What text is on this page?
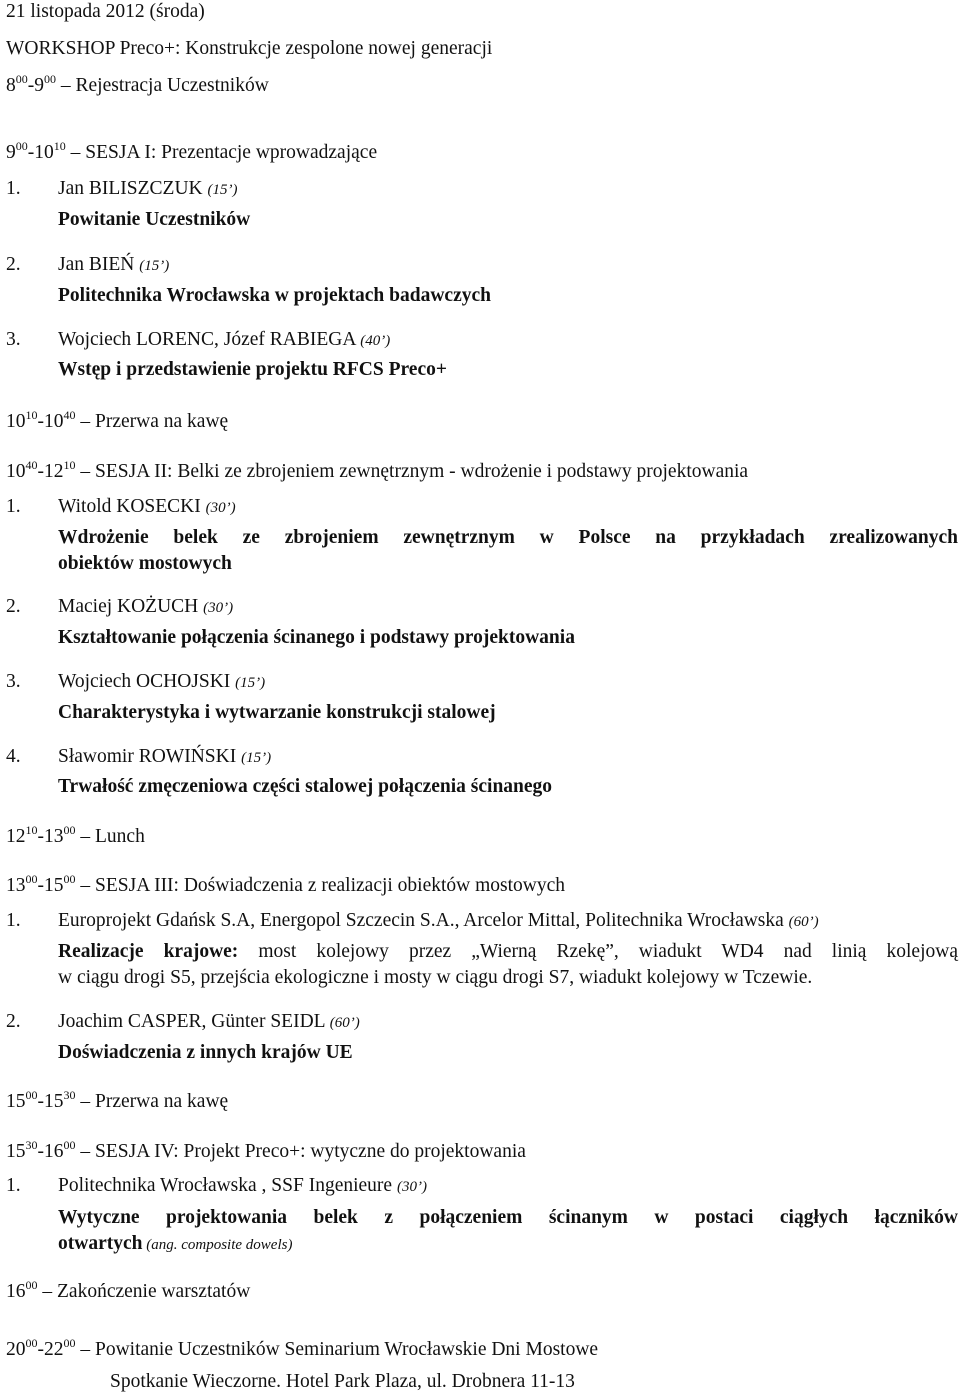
21 listopada 2012 (środa)
WORKSHOP Preco+: Konstrukcje zespolone nowej generacji
$8^{00}-9^{00}$ – Rejestracja Uczestników
$9^{00}-10^{10}$ – SESJA I: Prezentacje wprowadzające
1. Jan BILISZCZUK (15’)
Powitanie Uczestników
2. Jan BIEŃ (15’)
Politechnika Wrocławska w projektach badawczych
3. Wojciech LORENC, Józef RABIEGA (40’)
Wstęp i przedstawienie projektu RFCS Preco+
$10^{10}-10^{40}$ – Przerwa na kawę
$10^{40}-12^{10}$ – SESJA II: Belki ze zbrojeniem zewnętrznym - wdrożenie i podstawy projektowania
1. Witold KOSECKI (30’)
Wdrożenie belek ze zbrojeniem zewnętrznym w Polsce na przykładach zrealizowanych
obiektów mostowych
2. Maciej KOŻUCH (30’)
Kształtowanie połączenia ścinanego i podstawy projektowania
3. Wojciech OCHOJSKI (15’)
Charakterystyka i wytwarzanie konstrukcji stalowej
4. Sławomir ROWIŃSKI (15’)
Trwałość zmęczeniowa części stalowej połączenia ścinanego
$12^{10}-13^{00}$ – Lunch
$13^{00}-15^{00}$ – SESJA III: Doświadczenia z realizacji obiektów mostowych
1. Europrojekt Gdańsk S.A, Energopol Szczecin S.A., Arcelor Mittal, Politechnika Wrocławska (60’)
Realizacje krajowe: most kolejowy przez „Wierną Rzekę”, wiadukt WD4 nad linią kolejową
w ciągu drogi S5, przejścia ekologiczne i mosty w ciągu drogi S7, wiadukt kolejowy w Tczewie.
2. Joachim CASPER, Günter SEIDL (60’)
Doświadczenia z innych krajów UE
$15^{00}-15^{30}$ – Przerwa na kawę
$15^{30}-16^{00}$ – SESJA IV: Projekt Preco+: wytyczne do projektowania
1. Politechnika Wrocławska , SSF Ingenieure (30’)
Wytyczne projektowania belek z połączeniem ścinanym w postaci ciągłych łączników
otwartych (ang. composite dowels)
$16^{00}$ – Zakończenie warsztatów
$20^{00}-22^{00}$ – Powitanie Uczestników Seminarium Wrocławskie Dni Mostowe
Spotkanie Wieczorne. Hotel Park Plaza, ul. Drobnera 11-13
